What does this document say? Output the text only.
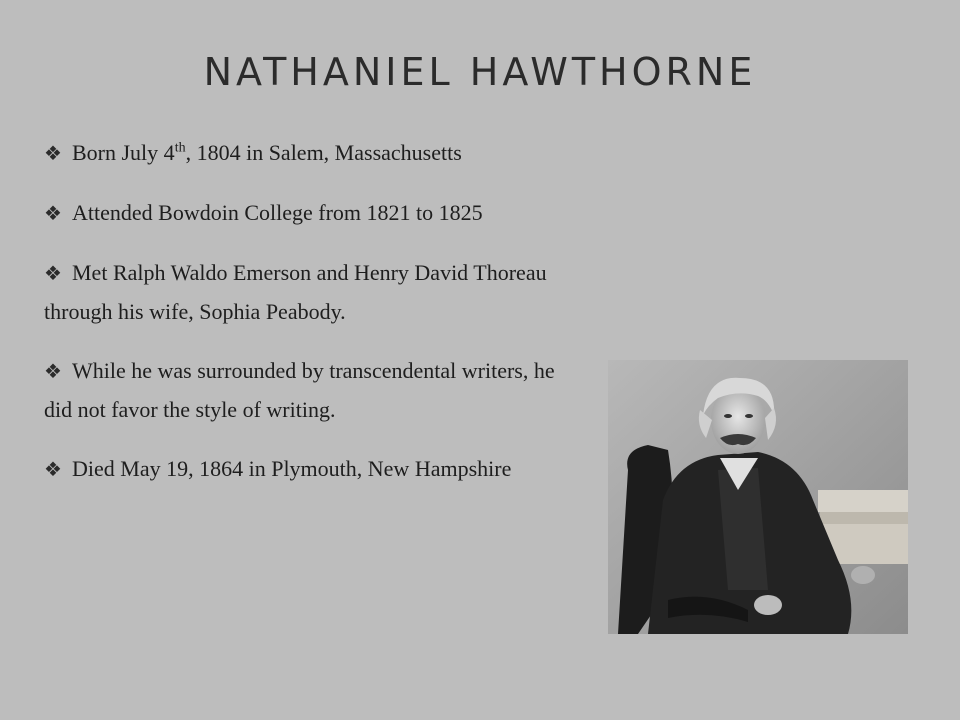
NATHANIEL HAWTHORNE
❖ Born July 4th, 1804 in Salem, Massachusetts
❖ Attended Bowdoin College from 1821 to 1825
❖ Met Ralph Waldo Emerson and Henry David Thoreau through his wife, Sophia Peabody.
❖ While he was surrounded by transcendental writers, he did not favor the style of writing.
❖ Died May 19, 1864 in Plymouth, New Hampshire
